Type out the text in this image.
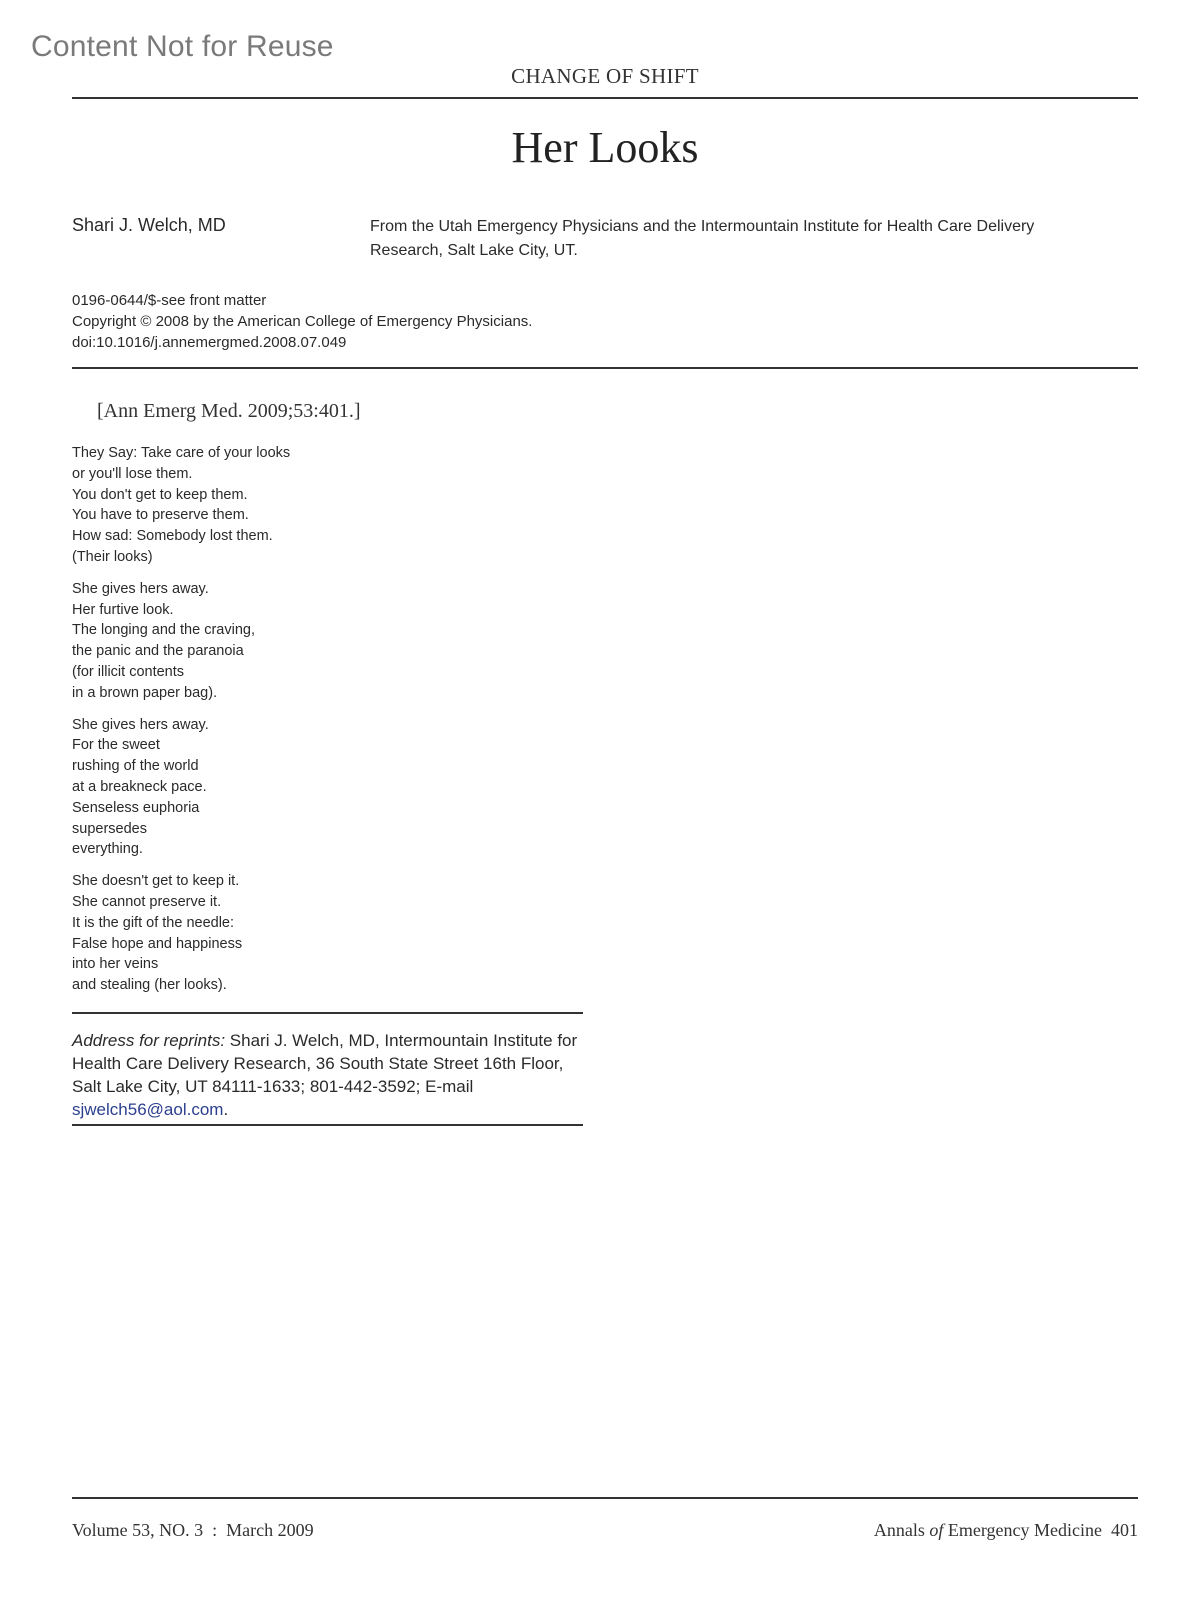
Content Not for Reuse
CHANGE OF SHIFT
Her Looks
Shari J. Welch, MD	From the Utah Emergency Physicians and the Intermountain Institute for Health Care Delivery Research, Salt Lake City, UT.
0196-0644/$-see front matter
Copyright © 2008 by the American College of Emergency Physicians.
doi:10.1016/j.annemergmed.2008.07.049
[Ann Emerg Med. 2009;53:401.]
They Say: Take care of your looks
or you'll lose them.
You don't get to keep them.
You have to preserve them.
How sad: Somebody lost them.
(Their looks)
She gives hers away.
Her furtive look.
The longing and the craving,
the panic and the paranoia
(for illicit contents
in a brown paper bag).
She gives hers away.
For the sweet
rushing of the world
at a breakneck pace.
Senseless euphoria
supersedes
everything.
She doesn't get to keep it.
She cannot preserve it.
It is the gift of the needle:
False hope and happiness
into her veins
and stealing (her looks).
Address for reprints: Shari J. Welch, MD, Intermountain Institute for Health Care Delivery Research, 36 South State Street 16th Floor, Salt Lake City, UT 84111-1633; 801-442-3592; E-mail sjwelch56@aol.com.
Volume 53, NO. 3  :  March 2009	Annals of Emergency Medicine 401
